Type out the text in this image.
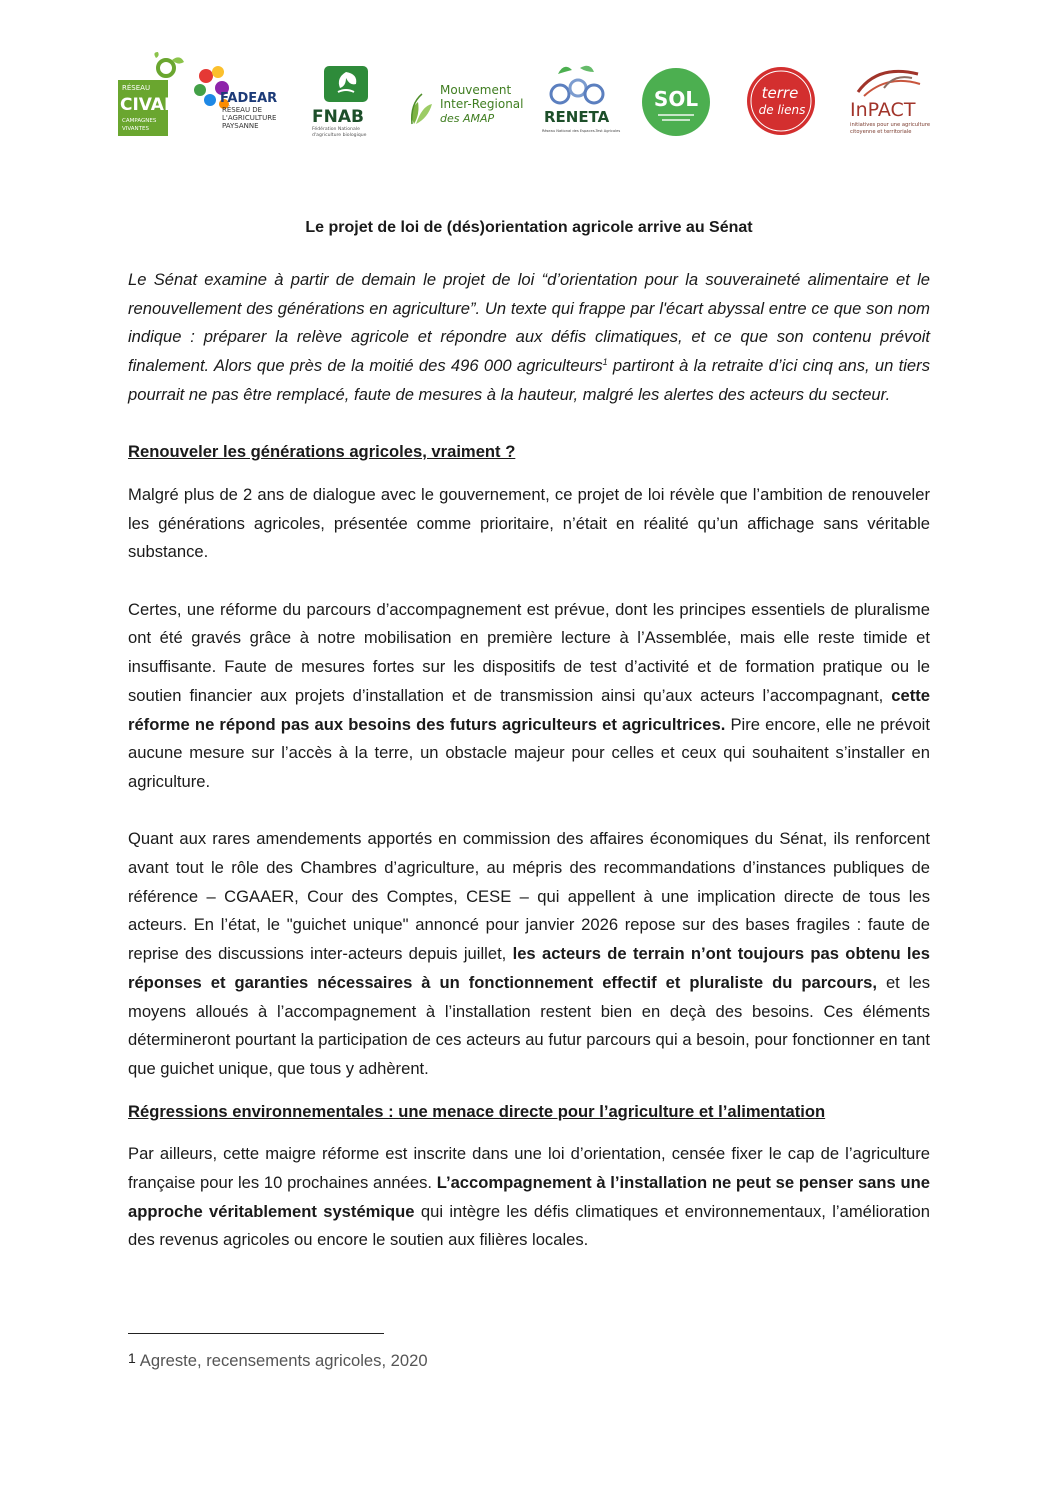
RÉSEAU
CIVAM
CAMPAGNES
VIVANTES
FADEAR
RÉSEAU DE
L'AGRICULTURE
PAYSANNE	FNAB
Fédération Nationale
d'agriculture biologique
Mouvement
Inter-Regional
des AMAP	RENETA
Réseau National des Espaces-Test Agricoles
SOL	terre
de liens InPACT
initiatives pour une agriculture
citoyenne et territoriale
Le projet de loi de (dés)orientation agricole arrive au Sénat

Le Sénat examine à partir de demain le projet de loi “d’orientation pour la souveraineté alimentaire et le renouvellement des générations en agriculture”. Un texte qui frappe par l'écart abyssal entre ce que son nom indique : préparer la relève agricole et répondre aux défis climatiques, et ce que son contenu prévoit finalement. Alors que près de la moitié des 496 000 agriculteurs$^1$ partiront à la retraite d’ici cinq ans, un tiers pourrait ne pas être remplacé, faute de mesures à la hauteur, malgré les alertes des acteurs du secteur.

Renouveler les générations agricoles, vraiment ?

Malgré plus de 2 ans de dialogue avec le gouvernement, ce projet de loi révèle que l’ambition de renouveler les générations agricoles, présentée comme prioritaire, n’était en réalité qu’un affichage sans véritable substance.

Certes, une réforme du parcours d’accompagnement est prévue, dont les principes essentiels de pluralisme ont été gravés grâce à notre mobilisation en première lecture à l’Assemblée, mais elle reste timide et insuffisante. Faute de mesures fortes sur les dispositifs de test d’activité et de formation pratique ou le soutien financier aux projets d’installation et de transmission ainsi qu’aux acteurs l’accompagnant, cette réforme ne répond pas aux besoins des futurs agriculteurs et agricultrices. Pire encore, elle ne prévoit aucune mesure sur l’accès à la terre, un obstacle majeur pour celles et ceux qui souhaitent s’installer en agriculture.

Quant aux rares amendements apportés en commission des affaires économiques du Sénat, ils renforcent avant tout le rôle des Chambres d’agriculture, au mépris des recommandations d’instances publiques de référence – CGAAER, Cour des Comptes, CESE – qui appellent à une implication directe de tous les acteurs. En l’état, le "guichet unique" annoncé pour janvier 2026 repose sur des bases fragiles : faute de reprise des discussions inter-acteurs depuis juillet, les acteurs de terrain n’ont toujours pas obtenu les réponses et garanties nécessaires à un fonctionnement effectif et pluraliste du parcours, et les moyens alloués à l’accompagnement à l’installation restent bien en deçà des besoins. Ces éléments détermineront pourtant la participation de ces acteurs au futur parcours qui a besoin, pour fonctionner en tant que guichet unique, que tous y adhèrent.

Régressions environnementales : une menace directe pour l’agriculture et l’alimentation

Par ailleurs, cette maigre réforme est inscrite dans une loi d’orientation, censée fixer le cap de l’agriculture française pour les 10 prochaines années. L’accompagnement à l’installation ne peut se penser sans une approche véritablement systémique qui intègre les défis climatiques et environnementaux, l’amélioration des revenus agricoles ou encore le soutien aux filières locales.

1 Agreste, recensements agricoles, 2020
